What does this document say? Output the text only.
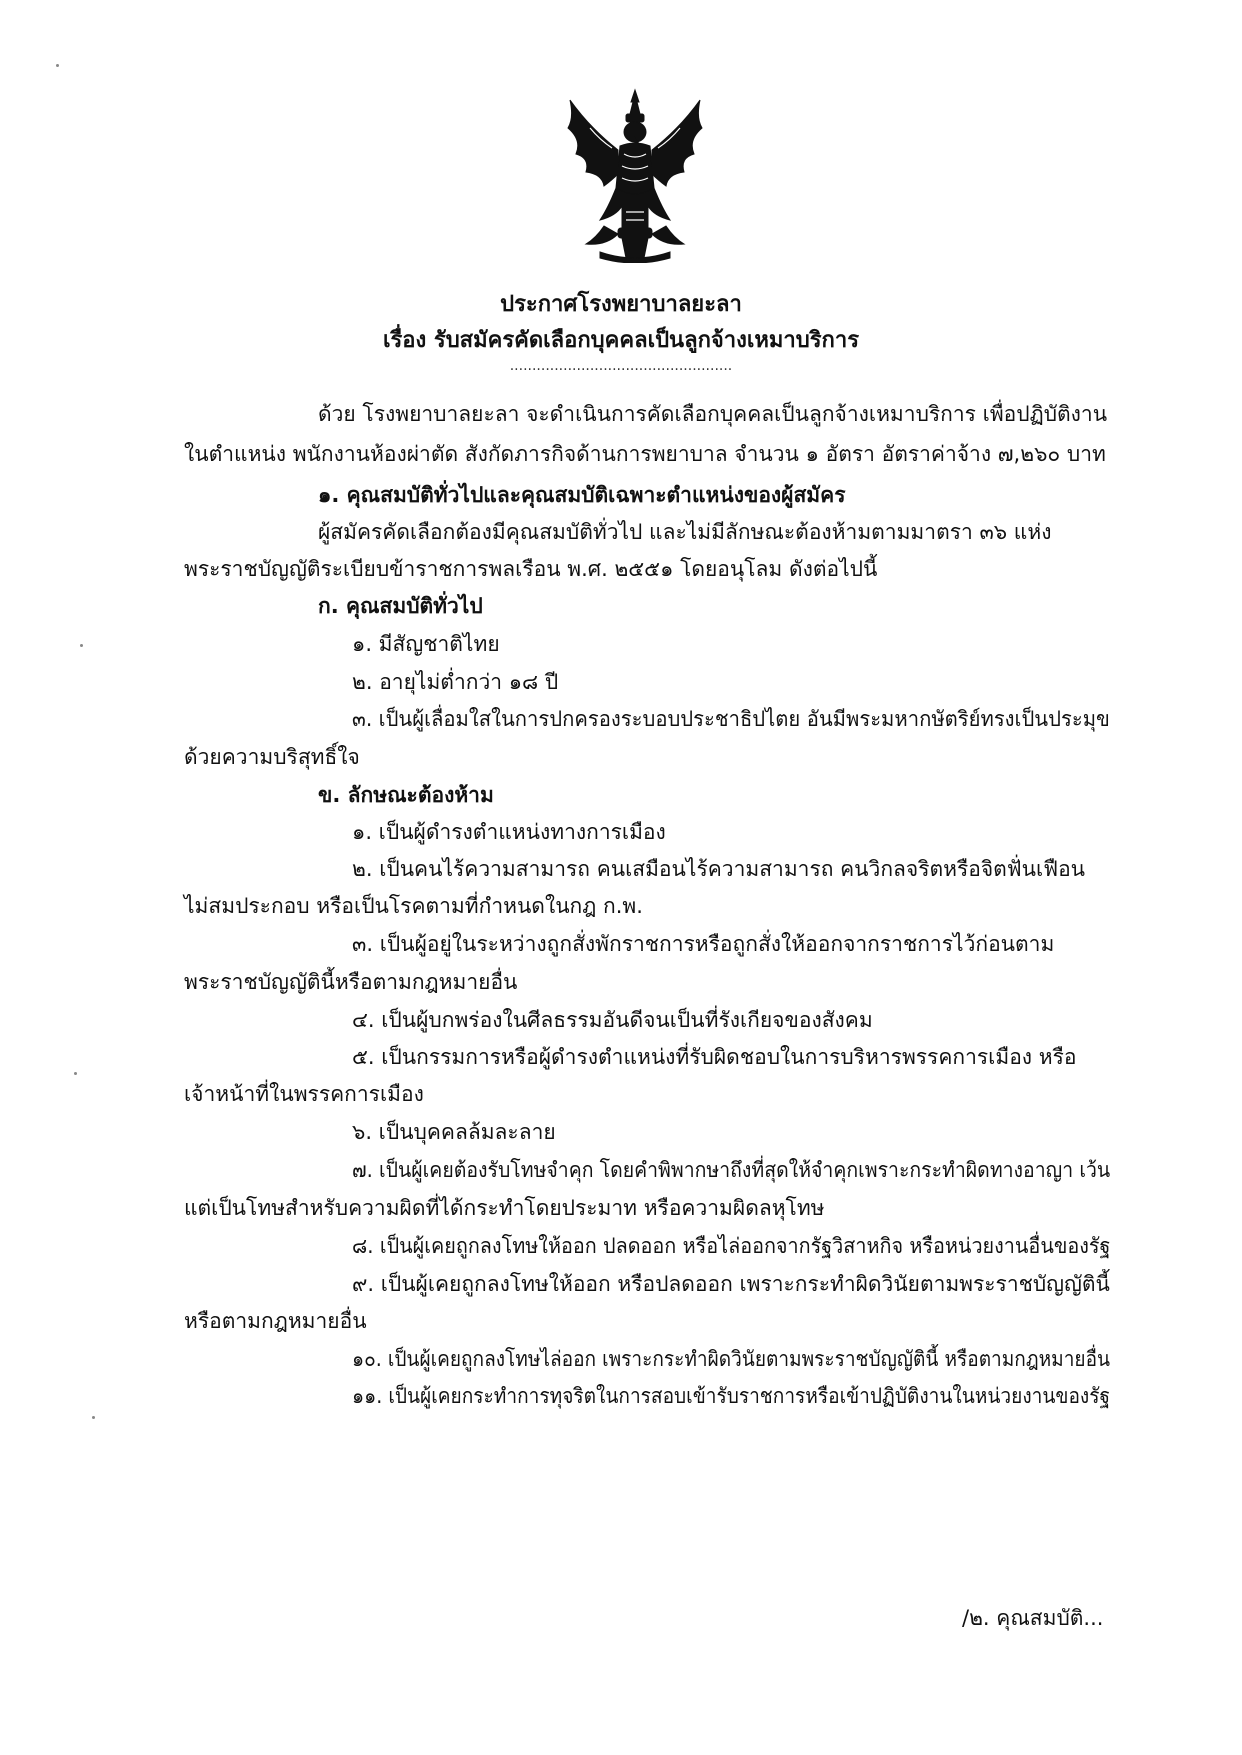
ประกาศโรงพยาบาลยะลา
เรื่อง รับสมัครคัดเลือกบุคคลเป็นลูกจ้างเหมาบริการ
..................................................
ด้วย โรงพยาบาลยะลา จะดำเนินการคัดเลือกบุคคลเป็นลูกจ้างเหมาบริการ เพื่อปฏิบัติงาน
ในตำแหน่ง พนักงานห้องผ่าตัด สังกัดภารกิจด้านการพยาบาล จำนวน ๑ อัตรา อัตราค่าจ้าง ๗,๒๖๐ บาท
๑. คุณสมบัติทั่วไปและคุณสมบัติเฉพาะตำแหน่งของผู้สมัคร
ผู้สมัครคัดเลือกต้องมีคุณสมบัติทั่วไป และไม่มีลักษณะต้องห้ามตามมาตรา ๓๖ แห่ง
พระราชบัญญัติระเบียบข้าราชการพลเรือน พ.ศ. ๒๕๕๑ โดยอนุโลม ดังต่อไปนี้
ก. คุณสมบัติทั่วไป
๑. มีสัญชาติไทย
๒. อายุไม่ต่ำกว่า ๑๘ ปี
๓. เป็นผู้เลื่อมใสในการปกครองระบอบประชาธิปไตย อันมีพระมหากษัตริย์ทรงเป็นประมุข
ด้วยความบริสุทธิ์ใจ
ข. ลักษณะต้องห้าม
๑. เป็นผู้ดำรงตำแหน่งทางการเมือง
๒. เป็นคนไร้ความสามารถ คนเสมือนไร้ความสามารถ คนวิกลจริตหรือจิตฟั่นเฟือน
ไม่สมประกอบ หรือเป็นโรคตามที่กำหนดในกฎ ก.พ.
๓. เป็นผู้อยู่ในระหว่างถูกสั่งพักราชการหรือถูกสั่งให้ออกจากราชการไว้ก่อนตาม
พระราชบัญญัตินี้หรือตามกฎหมายอื่น
๔. เป็นผู้บกพร่องในศีลธรรมอันดีจนเป็นที่รังเกียจของสังคม
๕. เป็นกรรมการหรือผู้ดำรงตำแหน่งที่รับผิดชอบในการบริหารพรรคการเมือง หรือ
เจ้าหน้าที่ในพรรคการเมือง
๖. เป็นบุคคลล้มละลาย
๗. เป็นผู้เคยต้องรับโทษจำคุก โดยคำพิพากษาถึงที่สุดให้จำคุกเพราะกระทำผิดทางอาญา เว้น
แต่เป็นโทษสำหรับความผิดที่ได้กระทำโดยประมาท หรือความผิดลหุโทษ
๘. เป็นผู้เคยถูกลงโทษให้ออก ปลดออก หรือไล่ออกจากรัฐวิสาหกิจ หรือหน่วยงานอื่นของรัฐ
๙. เป็นผู้เคยถูกลงโทษให้ออก หรือปลดออก เพราะกระทำผิดวินัยตามพระราชบัญญัตินี้
หรือตามกฎหมายอื่น
๑๐. เป็นผู้เคยถูกลงโทษไล่ออก เพราะกระทำผิดวินัยตามพระราชบัญญัตินี้ หรือตามกฎหมายอื่น
๑๑. เป็นผู้เคยกระทำการทุจริตในการสอบเข้ารับราชการหรือเข้าปฏิบัติงานในหน่วยงานของรัฐ
/๒. คุณสมบัติ...
